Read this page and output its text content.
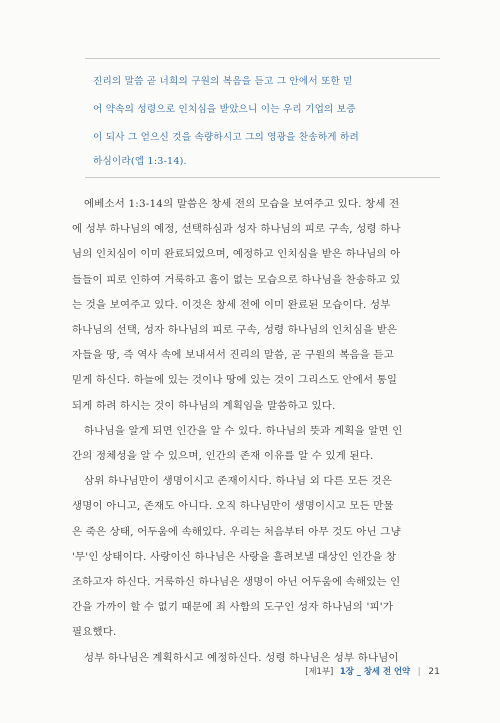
진리의 말씀 곧 너희의 구원의 복음을 듣고 그 안에서 또한 믿
어 약속의 성령으로 인치심을 받았으니 이는 우리 기업의 보증
이 되사 그 얻으신 것을 속량하시고 그의 영광을 찬송하게 하려
하심이라(엡 1:3-14).
에베소서 1:3-14의 말씀은 창세 전의 모습을 보여주고 있다. 창세 전
에 성부 하나님의 예정, 선택하심과 성자 하나님의 피로 구속, 성령 하나
님의 인치심이 이미 완료되었으며, 예정하고 인치심을 받은 하나님의 아
들들이 피로 인하여 거룩하고 흠이 없는 모습으로 하나님을 찬송하고 있
는 것을 보여주고 있다. 이것은 창세 전에 이미 완료된 모습이다. 성부
하나님의 선택, 성자 하나님의 피로 구속, 성령 하나님의 인치심을 받은
자들을 땅, 즉 역사 속에 보내셔서 진리의 말씀, 곧 구원의 복음을 듣고
믿게 하신다. 하늘에 있는 것이나 땅에 있는 것이 그리스도 안에서 통일
되게 하려 하시는 것이 하나님의 계획임을 말씀하고 있다.
하나님을 알게 되면 인간을 알 수 있다. 하나님의 뜻과 계획을 알면 인
간의 정체성을 알 수 있으며, 인간의 존재 이유를 알 수 있게 된다.
삼위 하나님만이 생명이시고 존재이시다. 하나님 외 다른 모든 것은
생명이 아니고, 존재도 아니다. 오직 하나님만이 생명이시고 모든 만물
은 죽은 상태, 어두움에 속해있다. 우리는 처음부터 아무 것도 아닌 그냥
'무'인 상태이다. 사랑이신 하나님은 사랑을 흘려보낼 대상인 인간을 창
조하고자 하신다. 거룩하신 하나님은 생명이 아닌 어두움에 속해있는 인
간을 가까이 할 수 없기 때문에 죄 사함의 도구인 성자 하나님의 '피'가
필요했다.
성부 하나님은 계획하시고 예정하신다. 성령 하나님은 성부 하나님이
[제1부] 1장 _ 창세 전 언약 | 21
